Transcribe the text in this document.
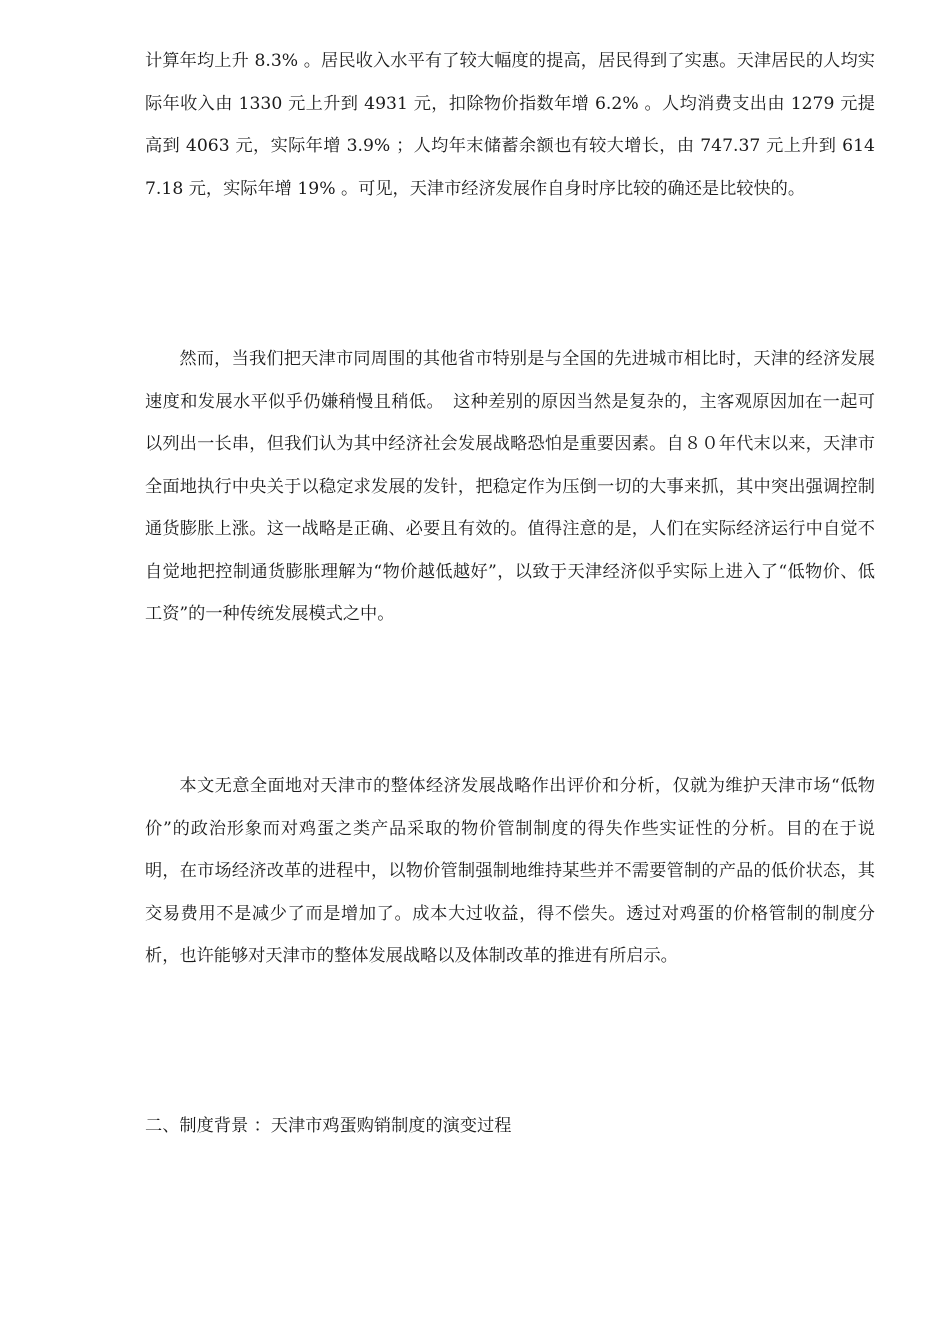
计算年均上升 8.3% 。居民收入水平有了较大幅度的提高，居民得到了实惠。天津居民的人均实际年收入由 1330 元上升到 4931 元，扣除物价指数年增 6.2% 。人均消费支出由 1279 元提高到 4063 元，实际年增 3.9% ；人均年末储蓄余额也有较大增长，由 747.37 元上升到 6147.18 元，实际年增 19% 。可见，天津市经济发展作自身时序比较的确还是比较快的。

然而，当我们把天津市同周围的其他省市特别是与全国的先进城市相比时，天津的经济发展速度和发展水平似乎仍嫌稍慢且稍低。　这种差别的原因当然是复杂的，主客观原因加在一起可以列出一长串，但我们认为其中经济社会发展战略恐怕是重要因素。自８０年代末以来，天津市全面地执行中央关于以稳定求发展的发针，把稳定作为压倒一切的大事来抓，其中突出强调控制通货膨胀上涨。这一战略是正确、必要且有效的。值得注意的是，人们在实际经济运行中自觉不自觉地把控制通货膨胀理解为“物价越低越好”，以致于天津经济似乎实际上进入了“低物价、低工资”的一种传统发展模式之中。

本文无意全面地对天津市的整体经济发展战略作出评价和分析，仅就为维护天津市场“低物价”的政治形象而对鸡蛋之类产品采取的物价管制制度的得失作些实证性的分析。目的在于说明，在市场经济改革的进程中，以物价管制强制地维持某些并不需要管制的产品的低价状态，其交易费用不是减少了而是增加了。成本大过收益，得不偿失。透过对鸡蛋的价格管制的制度分析，也许能够对天津市的整体发展战略以及体制改革的推进有所启示。

二、制度背景 ：天津市鸡蛋购销制度的演变过程
